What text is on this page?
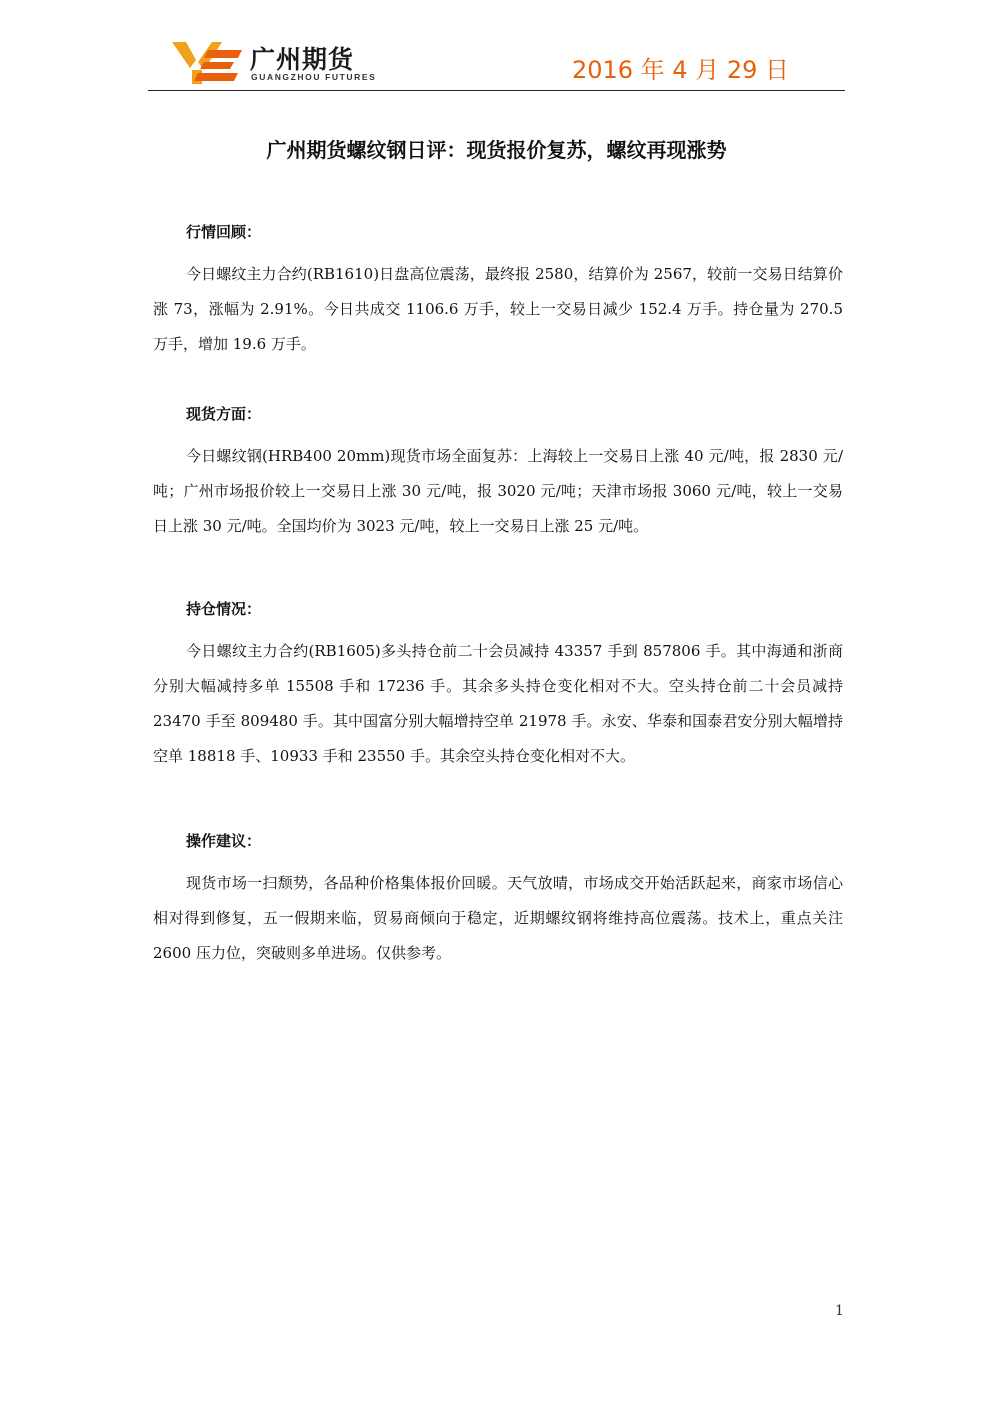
广州期货
GUANGZHOU FUTURES	2016 年 4 月 29 日
广州期货螺纹钢日评：现货报价复苏，螺纹再现涨势
行情回顾：
今日螺纹主力合约(RB1610)日盘高位震荡，最终报 2580，结算价为 2567，较前一交易日结算价涨 73，涨幅为 2.91%。今日共成交 1106.6 万手，较上一交易日减少 152.4 万手。持仓量为 270.5 万手，增加 19.6 万手。
现货方面：
今日螺纹钢(HRB400 20mm)现货市场全面复苏：上海较上一交易日上涨 40 元/吨，报 2830 元/吨；广州市场报价较上一交易日上涨 30 元/吨，报 3020 元/吨；天津市场报 3060 元/吨，较上一交易日上涨 30 元/吨。全国均价为 3023 元/吨，较上一交易日上涨 25 元/吨。
持仓情况：
今日螺纹主力合约(RB1605)多头持仓前二十会员减持 43357 手到 857806 手。其中海通和浙商分别大幅减持多单 15508 手和 17236 手。其余多头持仓变化相对不大。空头持仓前二十会员减持 23470 手至 809480 手。其中国富分别大幅增持空单 21978 手。永安、华泰和国泰君安分别大幅增持空单 18818 手、10933 手和 23550 手。其余空头持仓变化相对不大。
操作建议：
现货市场一扫颓势，各品种价格集体报价回暖。天气放晴，市场成交开始活跃起来，商家市场信心相对得到修复，五一假期来临，贸易商倾向于稳定，近期螺纹钢将维持高位震荡。技术上，重点关注 2600 压力位，突破则多单进场。仅供参考。
1
